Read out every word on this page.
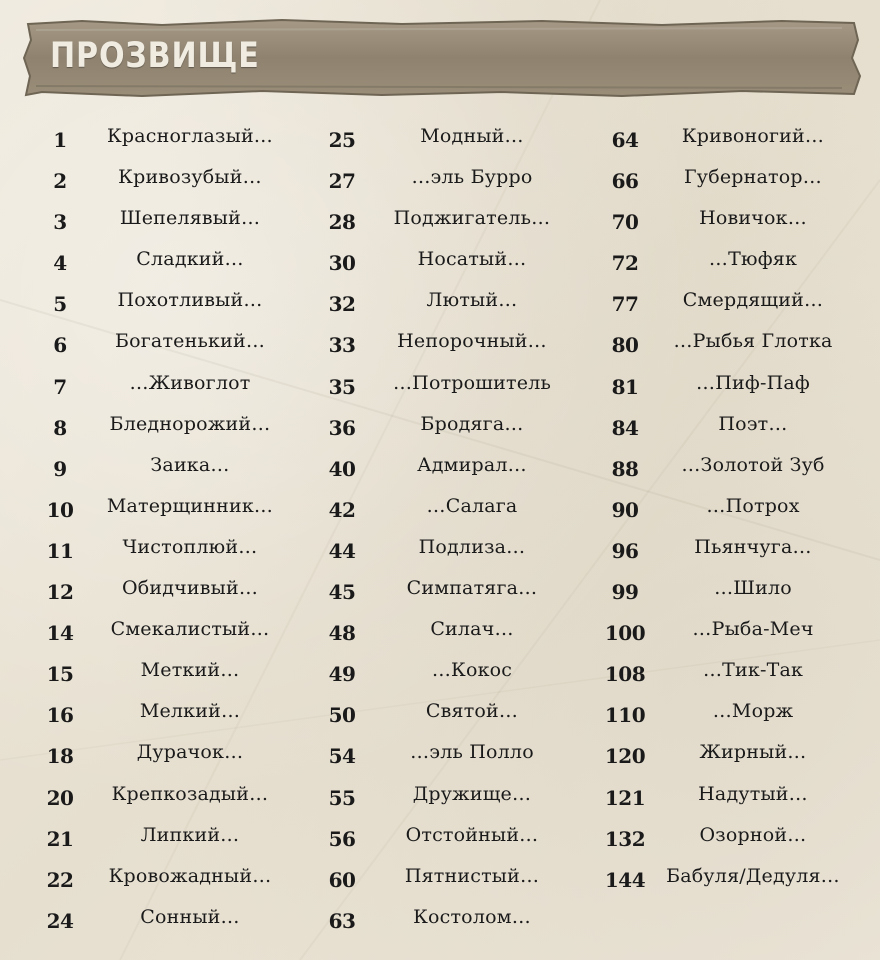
ПРОЗВИЩЕ
1	Красноглазый…
2	Кривозубый…
3	Шепелявый…
4	Сладкий…
5	Похотливый…
6	Богатенький…
7	…Живоглот
8	Бледнорожий…
9	Заика…
10	Матерщинник…
11	Чистоплюй…
12	Обидчивый…
14	Смекалистый…
15	Меткий…
16	Мелкий…
18	Дурачок…
20	Крепкозадый…
21	Липкий…
22	Кровожадный…
24	Сонный…
25	Модный…
27	…эль Бурро
28	Поджигатель…
30	Носатый…
32	Лютый…
33	Непорочный…
35	…Потрошитель
36	Бродяга…
40	Адмирал…
42	…Салага
44	Подлиза…
45	Симпатяга…
48	Силач…
49	…Кокос
50	Святой…
54	…эль Полло
55	Дружище…
56	Отстойный…
60	Пятнистый…
63	Костолом…
64	Кривоногий…
66	Губернатор…
70	Новичок…
72	…Тюфяк
77	Смердящий…
80	…Рыбья Глотка
81	…Пиф-Паф
84	Поэт…
88	…Золотой Зуб
90	…Потрох
96	Пьянчуга…
99	…Шило
100	…Рыба-Меч
108	…Тик-Так
110	…Морж
120	Жирный…
121	Надутый…
132	Озорной…
144	Бабуля/Дедуля…
